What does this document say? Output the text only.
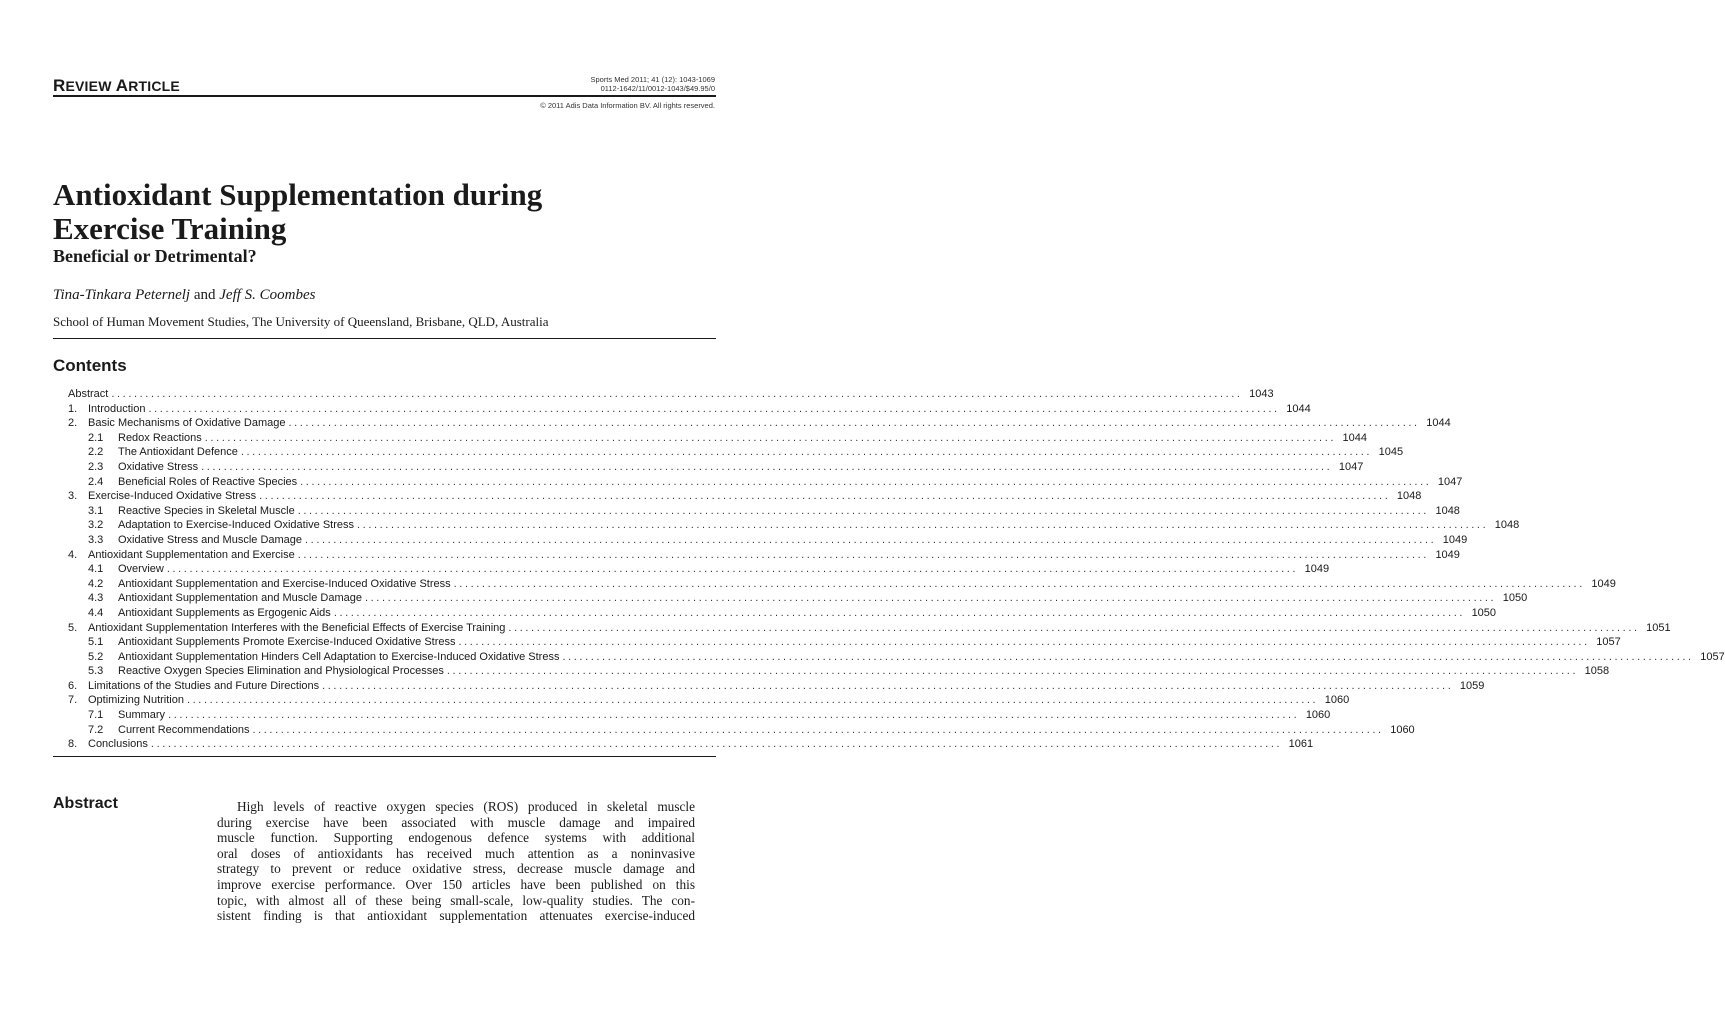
REVIEW ARTICLE	Sports Med 2011; 41 (12): 1043-1069
0112-1642/11/0012-1043/$49.95/0
© 2011 Adis Data Information BV. All rights reserved.
Antioxidant Supplementation during
Exercise Training
Beneficial or Detrimental?
Tina-Tinkara Peternelj and Jeff S. Coombes
School of Human Movement Studies, The University of Queensland, Brisbane, QLD, Australia
Contents
Abstract ........................................................................................................................................................................................................ 1043
1. Introduction ........................................................................................................................................................................................................ 1044
2. Basic Mechanisms of Oxidative Damage ........................................................................................................................................................................................................ 1044
2.1	Redox Reactions ........................................................................................................................................................................................................ 1044
2.2	The Antioxidant Defence ........................................................................................................................................................................................................ 1045
2.3	Oxidative Stress ........................................................................................................................................................................................................ 1047
2.4	Beneficial Roles of Reactive Species ........................................................................................................................................................................................................ 1047
3. Exercise-Induced Oxidative Stress ........................................................................................................................................................................................................ 1048
3.1	Reactive Species in Skeletal Muscle ........................................................................................................................................................................................................ 1048
3.2	Adaptation to Exercise-Induced Oxidative Stress ........................................................................................................................................................................................................ 1048
3.3	Oxidative Stress and Muscle Damage ........................................................................................................................................................................................................ 1049
4. Antioxidant Supplementation and Exercise ........................................................................................................................................................................................................ 1049
4.1	Overview ........................................................................................................................................................................................................ 1049
4.2	Antioxidant Supplementation and Exercise-Induced Oxidative Stress ........................................................................................................................................................................................................ 1049
4.3	Antioxidant Supplementation and Muscle Damage ........................................................................................................................................................................................................ 1050
4.4	Antioxidant Supplements as Ergogenic Aids ........................................................................................................................................................................................................ 1050
5. Antioxidant Supplementation Interferes with the Beneficial Effects of Exercise Training ........................................................................................................................................................................................................ 1051
5.1	Antioxidant Supplements Promote Exercise-Induced Oxidative Stress ........................................................................................................................................................................................................ 1057
5.2	Antioxidant Supplementation Hinders Cell Adaptation to Exercise-Induced Oxidative Stress ........................................................................................................................................................................................................ 1057
5.3	Reactive Oxygen Species Elimination and Physiological Processes ........................................................................................................................................................................................................ 1058
6. Limitations of the Studies and Future Directions ........................................................................................................................................................................................................ 1059
7. Optimizing Nutrition ........................................................................................................................................................................................................ 1060
7.1	Summary ........................................................................................................................................................................................................ 1060
7.2	Current Recommendations ........................................................................................................................................................................................................ 1060
8. Conclusions ........................................................................................................................................................................................................ 1061
Abstract	High levels of reactive oxygen species (ROS) produced in skeletal muscle
during exercise have been associated with muscle damage and impaired
muscle function. Supporting endogenous defence systems with additional
oral doses of antioxidants has received much attention as a noninvasive
strategy to prevent or reduce oxidative stress, decrease muscle damage and
improve exercise performance. Over 150 articles have been published on this
topic, with almost all of these being small-scale, low-quality studies. The con-
sistent finding is that antioxidant supplementation attenuates exercise-induced
